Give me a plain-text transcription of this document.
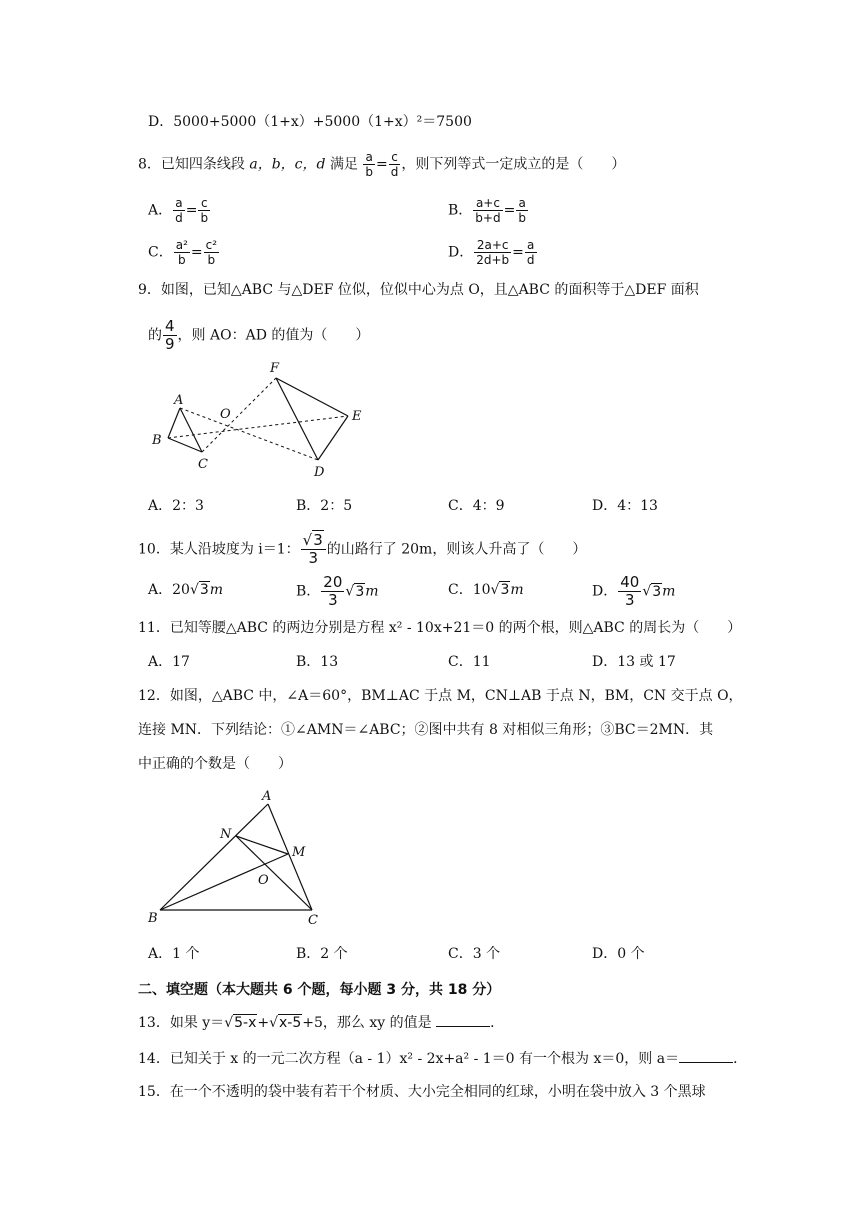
D．5000+5000（1+x）+5000（1+x）²＝7500
8．已知四条线段 a，b，c，d 满足 $\frac{a}{b} = \frac{c}{d}$ ，则下列等式一定成立的是（　　）
A． $\frac{a}{d} = \frac{c}{b}$	B． $\frac{a+c}{b+d} = \frac{a}{b}$
C． $\frac{\text{a²}}{b} = \frac{\text{c²}}{b}$	D． $\frac{2a+c}{2d+b} = \frac{a}{d}$
9．如图，已知△ABC 与△DEF 位似，位似中心为点 O，且△ABC 的面积等于△DEF 面积
的 $\frac{4}{9}$ ，则 AO：AD 的值为（　　）
F
A
O	E
B
C
D
A．2：3	B．2：5	C．4：9	D．4：13
10．某人沿坡度为 i＝1： $\frac{√3}{3}$ 的山路行了 20m，则该人升高了（　　）
A．20√3m	B． $\frac{20}{3} √3m$	C．10√3m	D． $\frac{40}{3} √3m$
11．已知等腰△ABC 的两边分别是方程 x² - 10x+21＝0 的两个根，则△ABC 的周长为（　　）
A．17	B．13	C．11	D．13 或 17
12．如图，△ABC 中，∠A＝60°，BM⊥AC 于点 M，CN⊥AB 于点 N，BM，CN 交于点 O，
连接 MN．下列结论：①∠AMN＝∠ABC；②图中共有 8 对相似三角形；③BC＝2MN．其
中正确的个数是（　　）
A
N
M
O
B	C
A．1 个	B．2 个	C．3 个	D．0 个
二、填空题（本大题共 6 个题，每小题 3 分，共 18 分）
13．如果 y＝√5-x+√x-5+5，那么 xy 的值是	．
14．已知关于 x 的一元二次方程（a - 1）x² - 2x+a² - 1＝0 有一个根为 x＝0，则 a＝	．
15．在一个不透明的袋中装有若干个材质、大小完全相同的红球，小明在袋中放入 3 个黑球
